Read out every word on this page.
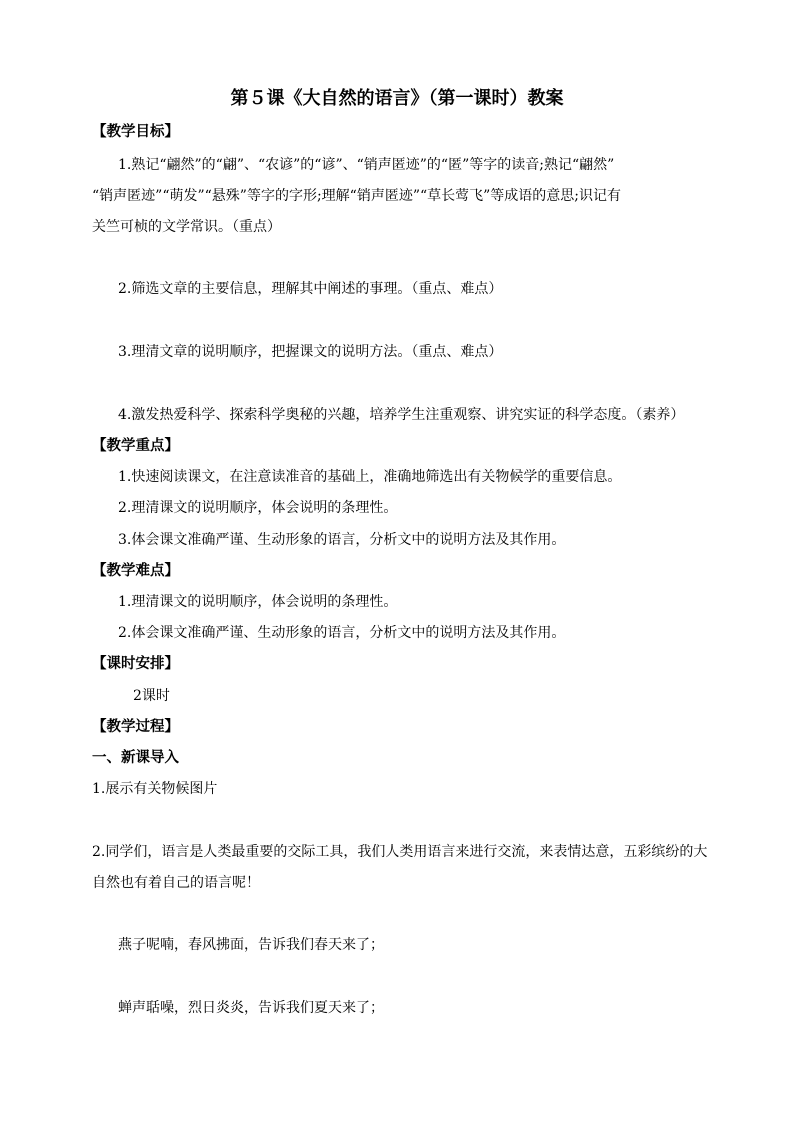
第５课《大自然的语言》（第一课时）教案
【教学目标】
1.熟记“翩然”的“翩”、“农谚”的“谚”、“销声匿迹”的“匿”等字的读音;熟记“翩然”
“销声匿迹”“萌发”“悬殊”等字的字形;理解“销声匿迹”“草长莺飞”等成语的意思;识记有
关竺可桢的文学常识。（重点）
2.筛选文章的主要信息，理解其中阐述的事理。（重点、难点）
3.理清文章的说明顺序，把握课文的说明方法。（重点、难点）
4.激发热爱科学、探索科学奥秘的兴趣，培养学生注重观察、讲究实证的科学态度。（素养）
【教学重点】
1.快速阅读课文，在注意读准音的基础上，准确地筛选出有关物候学的重要信息。
2.理清课文的说明顺序，体会说明的条理性。
3.体会课文准确严谨、生动形象的语言，分析文中的说明方法及其作用。
【教学难点】
1.理清课文的说明顺序，体会说明的条理性。
2.体会课文准确严谨、生动形象的语言，分析文中的说明方法及其作用。
【课时安排】
2课时
【教学过程】
一、新课导入
1.展示有关物候图片
2.同学们，语言是人类最重要的交际工具，我们人类用语言来进行交流，来表情达意，五彩缤纷的大
自然也有着自己的语言呢！
燕子呢喃，春风拂面，告诉我们春天来了；
蝉声聒噪，烈日炎炎，告诉我们夏天来了；
